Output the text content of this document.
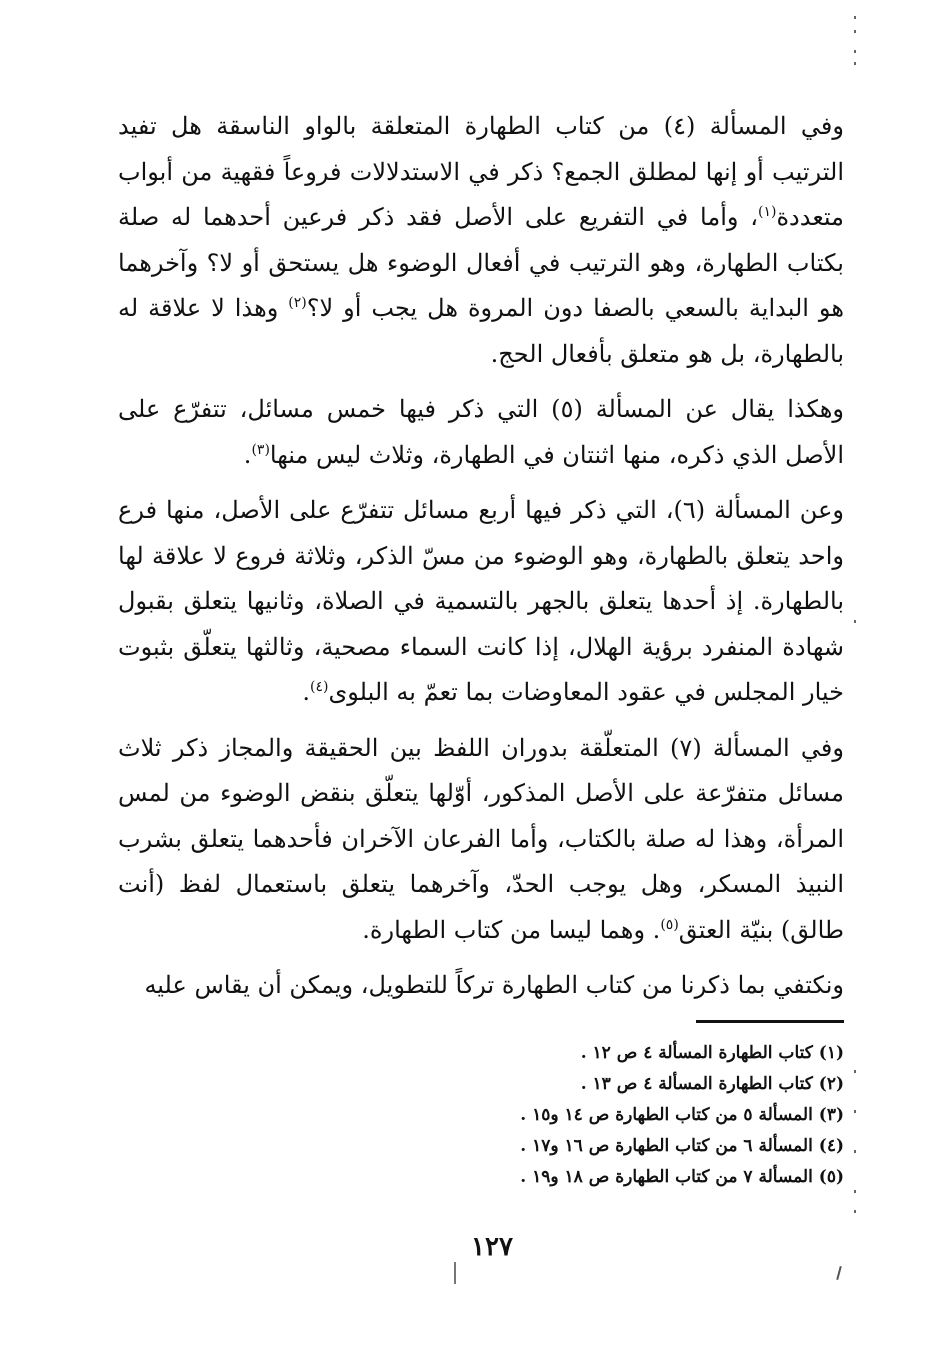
وفي المسألة (٤) من كتاب الطهارة المتعلقة بالواو الناسقة هل تفيد الترتيب أو إنها لمطلق الجمع؟ ذكر في الاستدلالات فروعاً فقهية من أبواب متعددة$^{(١)}$، وأما في التفريع على الأصل فقد ذكر فرعين أحدهما له صلة بكتاب الطهارة، وهو الترتيب في أفعال الوضوء هل يستحق أو لا؟ وآخرهما هو البداية بالسعي بالصفا دون المروة هل يجب أو لا؟$^{(٢)}$ وهذا لا علاقة له بالطهارة، بل هو متعلق بأفعال الحج.

وهكذا يقال عن المسألة (٥) التي ذكر فيها خمس مسائل، تتفرّع على الأصل الذي ذكره، منها اثنتان في الطهارة، وثلاث ليس منها$^{(٣)}$.

وعن المسألة (٦)، التي ذكر فيها أربع مسائل تتفرّع على الأصل، منها فرع واحد يتعلق بالطهارة، وهو الوضوء من مسّ الذكر، وثلاثة فروع لا علاقة لها بالطهارة. إذ أحدها يتعلق بالجهر بالتسمية في الصلاة، وثانيها يتعلق بقبول شهادة المنفرد برؤية الهلال، إذا كانت السماء مصحية، وثالثها يتعلّق بثبوت خيار المجلس في عقود المعاوضات بما تعمّ به البلوى$^{(٤)}$.

وفي المسألة (٧) المتعلّقة بدوران اللفظ بين الحقيقة والمجاز ذكر ثلاث مسائل متفرّعة على الأصل المذكور، أوّلها يتعلّق بنقض الوضوء من لمس المرأة، وهذا له صلة بالكتاب، وأما الفرعان الآخران فأحدهما يتعلق بشرب النبيذ المسكر، وهل يوجب الحدّ، وآخرهما يتعلق باستعمال لفظ (أنت طالق) بنيّة العتق$^{(٥)}$. وهما ليسا من كتاب الطهارة.

ونكتفي بما ذكرنا من كتاب الطهارة تركاً للتطويل، ويمكن أن يقاس عليه

(١) كتاب الطهارة المسألة ٤ ص ١٢ .
(٢) كتاب الطهارة المسألة ٤ ص ١٣ .
(٣) المسألة ٥ من كتاب الطهارة ص ١٤ و١٥ .
(٤) المسألة ٦ من كتاب الطهارة ص ١٦ و١٧ .
(٥) المسألة ٧ من كتاب الطهارة ص ١٨ و١٩ .
١٢٧
